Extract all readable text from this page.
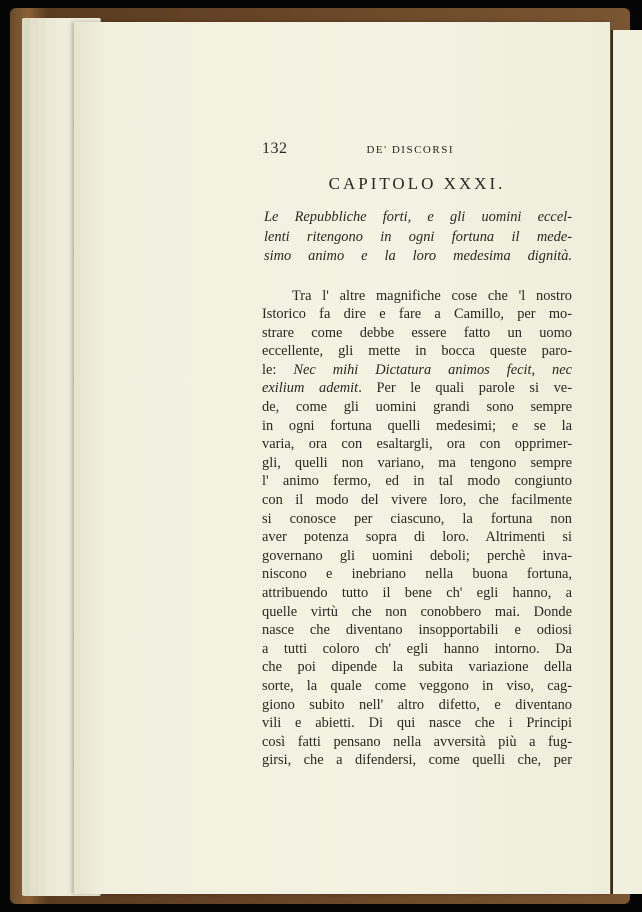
132	DE' DISCORSI
CAPITOLO XXXI.
Le Repubbliche forti, e gli uomini eccel-
lenti ritengono in ogni fortuna il mede-
simo animo e la loro medesima dignità.
Tra l' altre magnifiche cose che 'l nostro
Istorico fa dire e fare a Camillo, per mo-
strare come debbe essere fatto un uomo
eccellente, gli mette in bocca queste paro-
le: Nec mihi Dictatura animos fecit, nec
exilium ademit. Per le quali parole si ve-
de, come gli uomini grandi sono sempre
in ogni fortuna quelli medesimi; e se la
varia, ora con esaltargli, ora con opprimer-
gli, quelli non variano, ma tengono sempre
l' animo fermo, ed in tal modo congiunto
con il modo del vivere loro, che facilmente
si conosce per ciascuno, la fortuna non
aver potenza sopra di loro. Altrimenti si
governano gli uomini deboli; perchè inva-
niscono e inebriano nella buona fortuna,
attribuendo tutto il bene ch' egli hanno, a
quelle virtù che non conobbero mai. Donde
nasce che diventano insopportabili e odiosi
a tutti coloro ch' egli hanno intorno. Da
che poi dipende la subita variazione della
sorte, la quale come veggono in viso, cag-
giono subito nell' altro difetto, e diventano
vili e abietti. Di qui nasce che i Principi
così fatti pensano nella avversità più a fug-
girsi, che a difendersi, come quelli che, per
